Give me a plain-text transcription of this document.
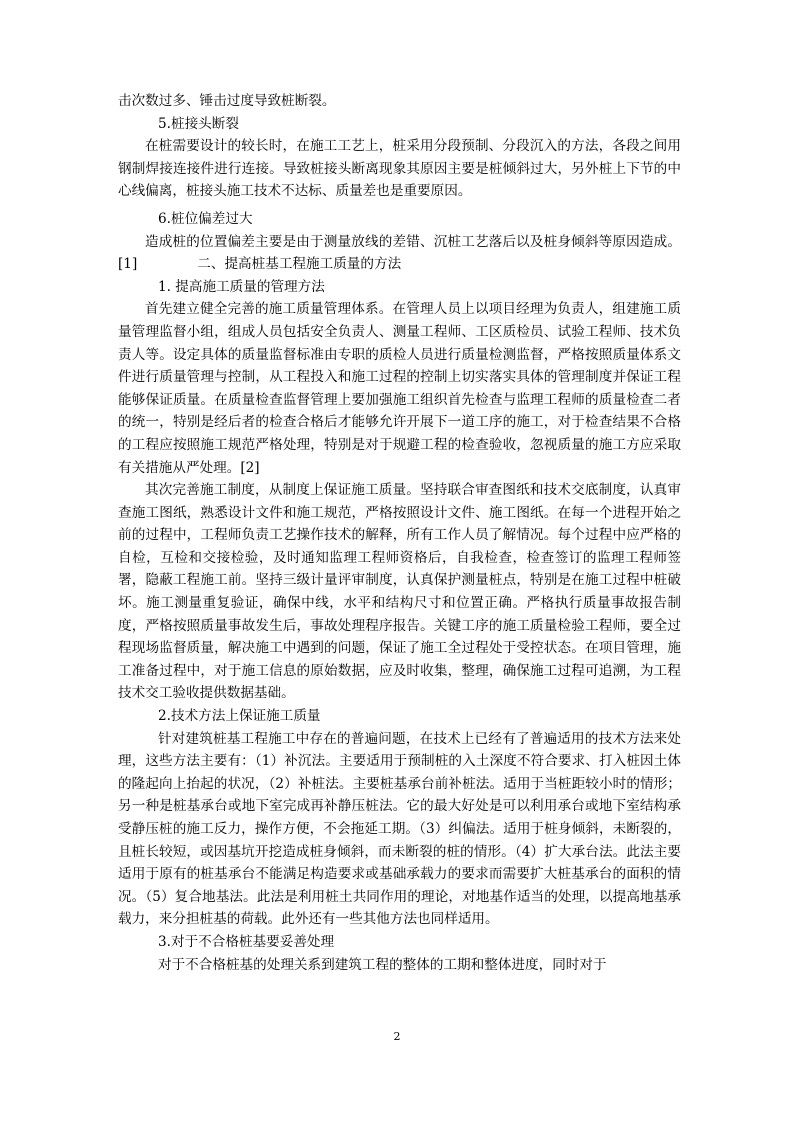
击次数过多、锤击过度导致桩断裂。

5.桩接头断裂

在桩需要设计的较长时，在施工工艺上，桩采用分段预制、分段沉入的方法，各段之间用钢制焊接连接件进行连接。导致桩接头断离现象其原因主要是桩倾斜过大，另外桩上下节的中心线偏离，桩接头施工技术不达标、质量差也是重要原因。

6.桩位偏差过大

造成桩的位置偏差主要是由于测量放线的差错、沉桩工艺落后以及桩身倾斜等原因造成。[1]	二、提高桩基工程施工质量的方法

1. 提高施工质量的管理方法

首先建立健全完善的施工质量管理体系。在管理人员上以项目经理为负责人，组建施工质量管理监督小组，组成人员包括安全负责人、测量工程师、工区质检员、试验工程师、技术负责人等。设定具体的质量监督标准由专职的质检人员进行质量检测监督，严格按照质量体系文件进行质量管理与控制，从工程投入和施工过程的控制上切实落实具体的管理制度并保证工程能够保证质量。在质量检查监督管理上要加强施工组织首先检查与监理工程师的质量检查二者的统一，特别是经后者的检查合格后才能够允许开展下一道工序的施工，对于检查结果不合格的工程应按照施工规范严格处理，特别是对于规避工程的检查验收，忽视质量的施工方应采取有关措施从严处理。[2]

其次完善施工制度，从制度上保证施工质量。坚持联合审查图纸和技术交底制度，认真审查施工图纸，熟悉设计文件和施工规范，严格按照设计文件、施工图纸。在每一个进程开始之前的过程中，工程师负责工艺操作技术的解释，所有工作人员了解情况。每个过程中应严格的自检，互检和交接检验，及时通知监理工程师资格后，自我检查，检查签订的监理工程师签署，隐蔽工程施工前。坚持三级计量评审制度，认真保护测量桩点，特别是在施工过程中桩破坏。施工测量重复验证，确保中线，水平和结构尺寸和位置正确。严格执行质量事故报告制度，严格按照质量事故发生后，事故处理程序报告。关键工序的施工质量检验工程师，要全过程现场监督质量，解决施工中遇到的问题，保证了施工全过程处于受控状态。在项目管理，施工准备过程中，对于施工信息的原始数据，应及时收集，整理，确保施工过程可追溯，为工程技术交工验收提供数据基础。

2.技术方法上保证施工质量

针对建筑桩基工程施工中存在的普遍问题，在技术上已经有了普遍适用的技术方法来处理，这些方法主要有：（1）补沉法。主要适用于预制桩的入土深度不符合要求、打入桩因土体的隆起向上抬起的状况，（2）补桩法。主要桩基承台前补桩法。适用于当桩距较小时的情形；另一种是桩基承台或地下室完成再补静压桩法。它的最大好处是可以利用承台或地下室结构承受静压桩的施工反力，操作方便，不会拖延工期。（3）纠偏法。适用于桩身倾斜，未断裂的，且桩长较短，或因基坑开挖造成桩身倾斜，而未断裂的桩的情形。（4）扩大承台法。此法主要适用于原有的桩基承台不能满足构造要求或基础承载力的要求而需要扩大桩基承台的面积的情况。（5）复合地基法。此法是利用桩土共同作用的理论，对地基作适当的处理，以提高地基承载力，来分担桩基的荷载。此外还有一些其他方法也同样适用。

3.对于不合格桩基要妥善处理

对于不合格桩基的处理关系到建筑工程的整体的工期和整体进度，同时对于

2
